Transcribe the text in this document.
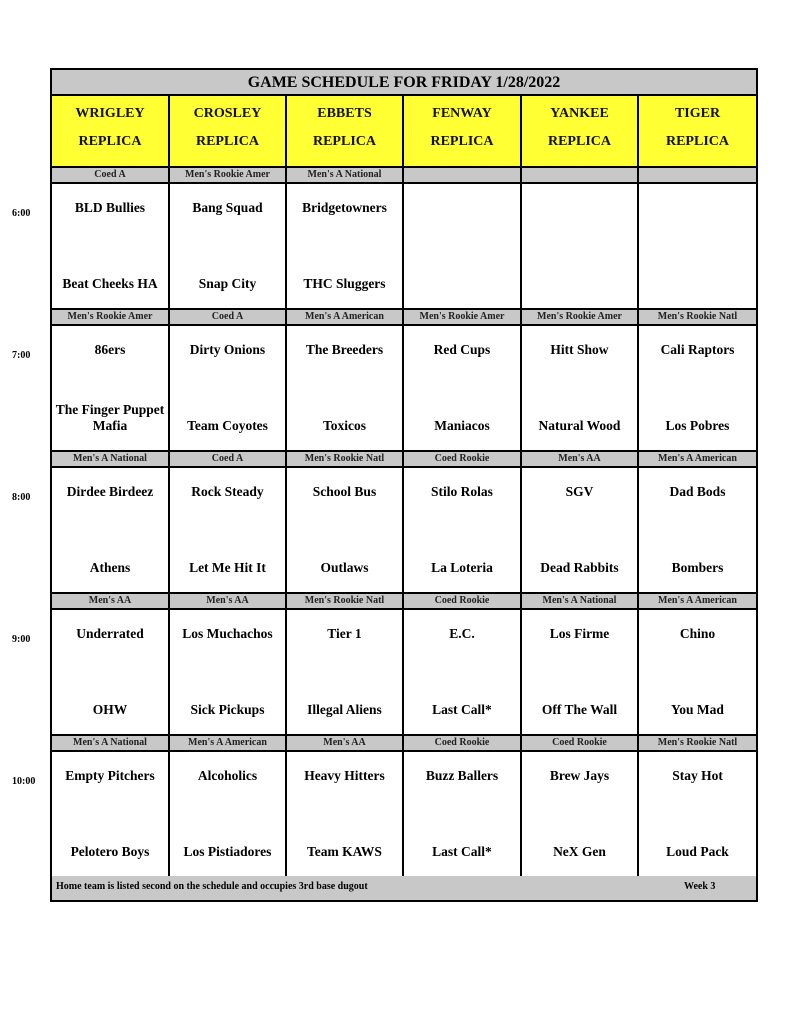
GAME SCHEDULE FOR FRIDAY 1/28/2022
WRIGLEY
REPLICA
CROSLEY
REPLICA
EBBETS
REPLICA
FENWAY
REPLICA
YANKEE
REPLICA
TIGER
REPLICA
Coed A
BLD Bullies
Beat Cheeks HA
Men's Rookie Amer
Bang Squad
Snap City
Men's A National
Bridgetowners
THC Sluggers
Men's Rookie Amer
86ers
The Finger Puppet Mafia
Coed A
Dirty Onions
Team Coyotes
Men's A American
The Breeders
Toxicos
Men's Rookie Amer
Red Cups
Maniacos
Men's Rookie Amer
Hitt Show
Natural Wood
Men's Rookie Natl
Cali Raptors
Los Pobres
Men's A National
Dirdee Birdeez
Athens
Coed A
Rock Steady
Let Me Hit It
Men's Rookie Natl
School Bus
Outlaws
Coed Rookie
Stilo Rolas
La Loteria
Men's AA
SGV
Dead Rabbits
Men's A American
Dad Bods
Bombers
Men's AA
Underrated
OHW
Men's AA
Los Muchachos
Sick Pickups
Men's Rookie Natl
Tier 1
Illegal Aliens
Coed Rookie
E.C.
Last Call*
Men's A National
Los Firme
Off The Wall
Men's A American
Chino
You Mad
Men's A National
Empty Pitchers
Pelotero Boys
Men's A American
Alcoholics
Los Pistiadores
Men's AA
Heavy Hitters
Team KAWS
Coed Rookie
Buzz Ballers
Last Call*
Coed Rookie
Brew Jays
NeX Gen
Men's Rookie Natl
Stay Hot
Loud Pack
Home team is listed second on the schedule and occupies 3rd base dugout	Week 3
6:00
7:00
8:00
9:00
10:00
